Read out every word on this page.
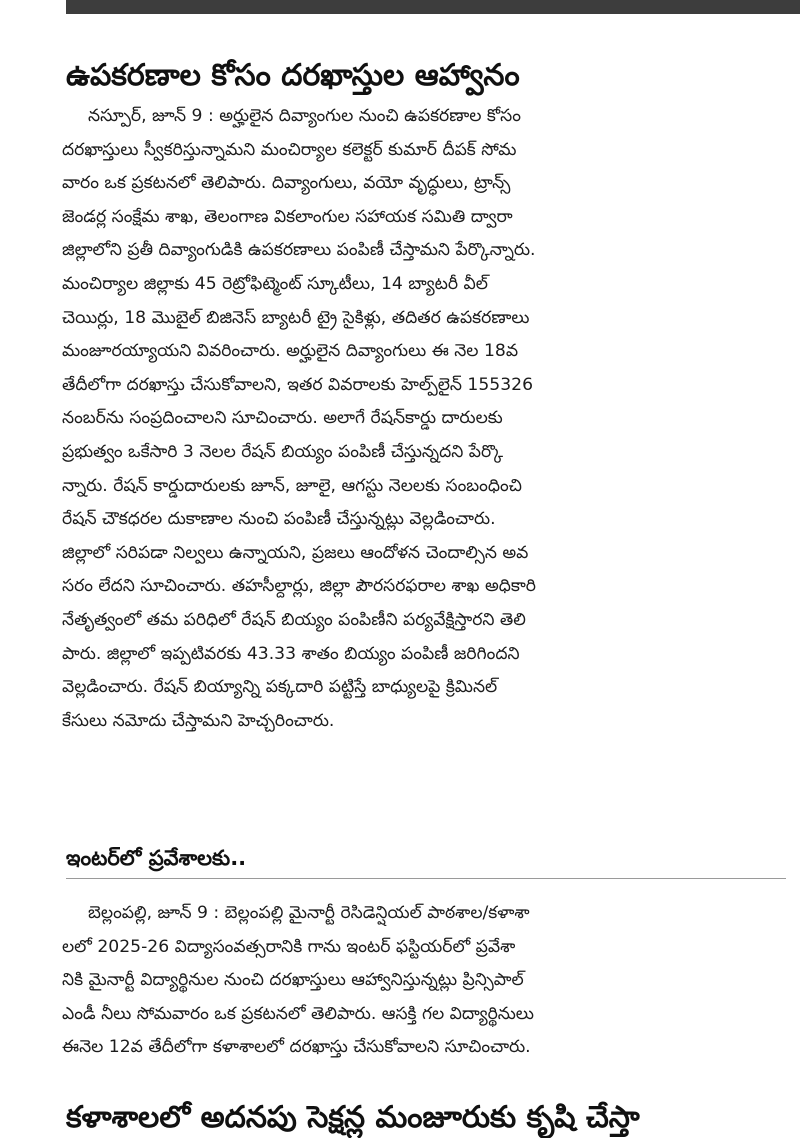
ఉపకరణాల కోసం దరఖాస్తుల ఆహ్వానం
నస్పూర్, జూన్ 9 : అర్హులైన దివ్యాంగుల నుంచి ఉపకరణాల కోసం
దరఖాస్తులు స్వీకరిస్తున్నామని మంచిర్యాల కలెక్టర్ కుమార్ దీపక్ సోమ
వారం ఒక ప్రకటనలో తెలిపారు. దివ్యాంగులు, వయో వృద్ధులు, ట్రాన్స్
జెండర్ల సంక్షేమ శాఖ, తెలంగాణ వికలాంగుల సహాయక సమితి ద్వారా
జిల్లాలోని ప్రతీ దివ్యాంగుడికి ఉపకరణాలు పంపిణీ చేస్తామని పేర్కొన్నారు.
మంచిర్యాల జిల్లాకు 45 రెట్రోఫిట్మెంట్ స్కూటీలు, 14 బ్యాటరీ వీల్
చెయిర్లు, 18 మొబైల్ బిజినెస్ బ్యాటరీ ట్రై సైకిళ్లు, తదితర ఉపకరణాలు
మంజూరయ్యాయని వివరించారు. అర్హులైన దివ్యాంగులు ఈ నెల 18వ
తేదీలోగా దరఖాస్తు చేసుకోవాలని, ఇతర వివరాలకు హెల్ప్‌లైన్ 155326
నంబర్‌ను సంప్రదించాలని సూచించారు. అలాగే రేషన్‌కార్డు దారులకు
ప్రభుత్వం ఒకేసారి 3 నెలల రేషన్ బియ్యం పంపిణీ చేస్తున్నదని పేర్కొ
న్నారు. రేషన్ కార్డుదారులకు జూన్, జూలై, ఆగస్టు నెలలకు సంబంధించి
రేషన్ చౌకధరల దుకాణాల నుంచి పంపిణీ చేస్తున్నట్లు వెల్లడించారు.
జిల్లాలో సరిపడా నిల్వలు ఉన్నాయని, ప్రజలు ఆందోళన చెందాల్సిన అవ
సరం లేదని సూచించారు. తహసీల్దార్లు, జిల్లా పౌరసరఫరాల శాఖ అధికారి
నేతృత్వంలో తమ పరిధిలో రేషన్ బియ్యం పంపిణీని పర్యవేక్షిస్తారని తెలి
పారు. జిల్లాలో ఇప్పటివరకు 43.33 శాతం బియ్యం పంపిణీ జరిగిందని
వెల్లడించారు. రేషన్ బియ్యాన్ని పక్కదారి పట్టిస్తే బాధ్యులపై క్రిమినల్
కేసులు నమోదు చేస్తామని హెచ్చరించారు.
ఇంటర్‌లో ప్రవేశాలకు..
బెల్లంపల్లి, జూన్ 9 : బెల్లంపల్లి మైనార్టీ రెసిడెన్షియల్ పాఠశాల/కళాశా
లలో 2025-26 విద్యాసంవత్సరానికి గాను ఇంటర్ ఫస్టియర్‌లో ప్రవేశా
నికి మైనార్టీ విద్యార్థినుల నుంచి దరఖాస్తులు ఆహ్వానిస్తున్నట్లు ప్రిన్సిపాల్
ఎండీ నీలు సోమవారం ఒక ప్రకటనలో తెలిపారు. ఆసక్తి గల విద్యార్థినులు
ఈనెల 12వ తేదీలోగా కళాశాలలో దరఖాస్తు చేసుకోవాలని సూచించారు.
కళాశాలలో అదనపు సెక్షన్ల మంజూరుకు కృషి చేస్తా
